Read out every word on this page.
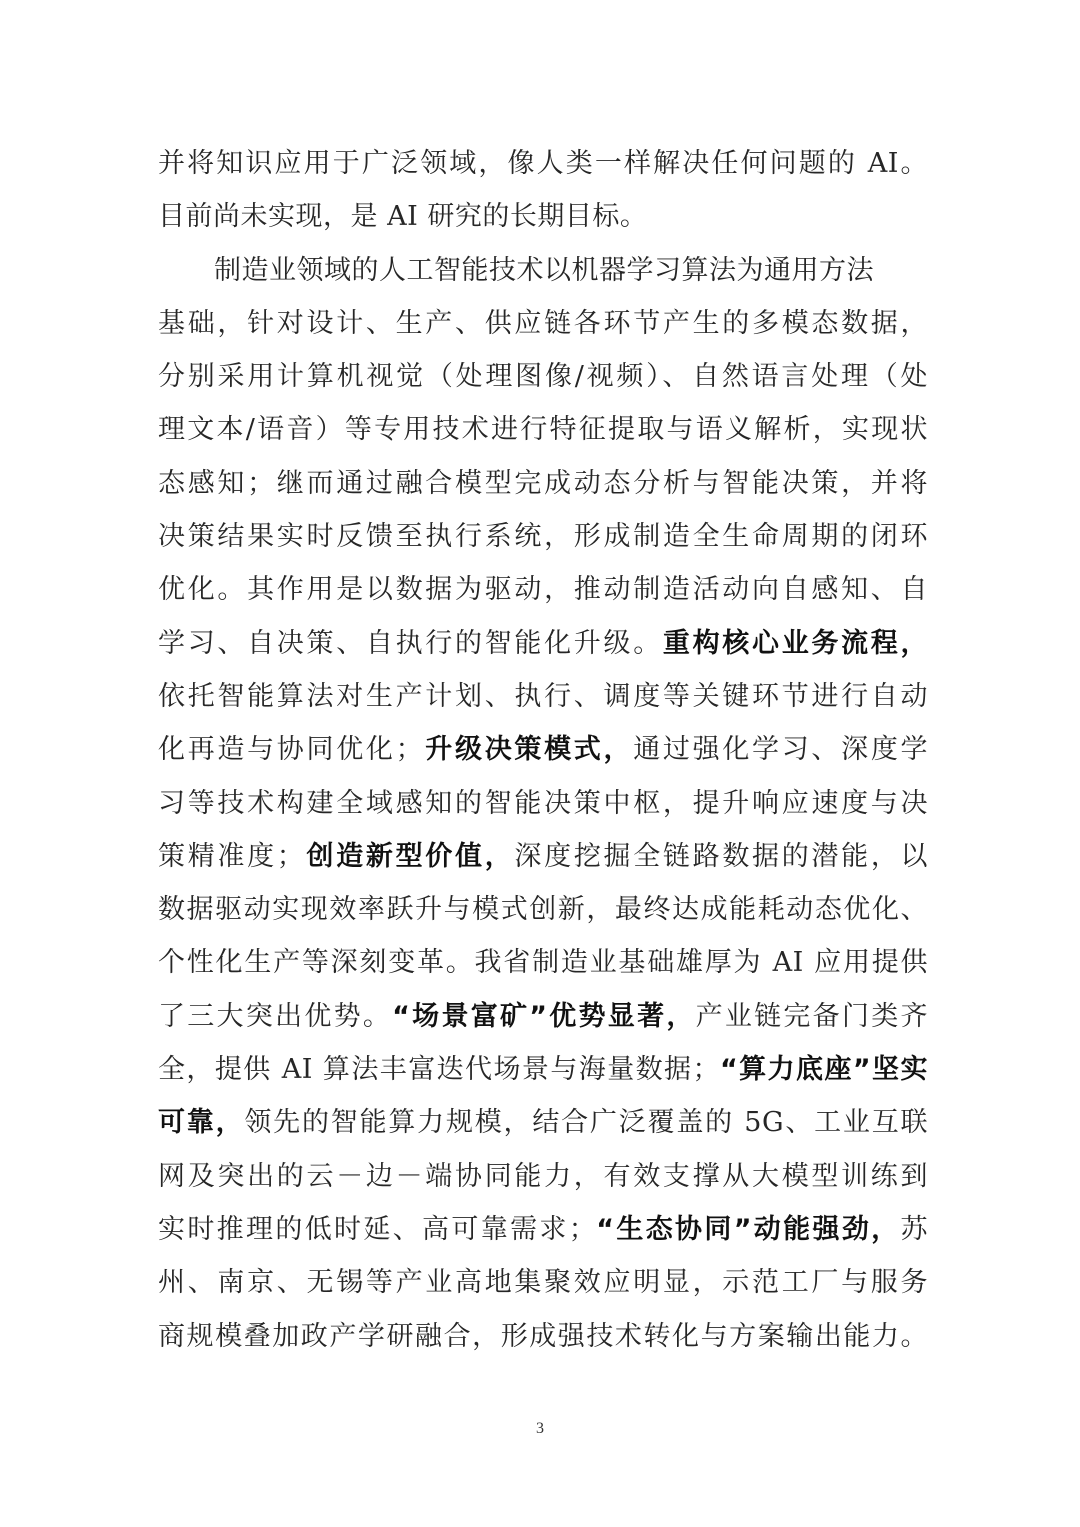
并将知识应用于广泛领域，像人类一样解决任何问题的 AI。
目前尚未实现，是 AI 研究的长期目标。
制造业领域的人工智能技术以机器学习算法为通用方法
基础，针对设计、生产、供应链各环节产生的多模态数据，
分别采用计算机视觉（处理图像/视频）、自然语言处理（处
理文本/语音）等专用技术进行特征提取与语义解析，实现状
态感知；继而通过融合模型完成动态分析与智能决策，并将
决策结果实时反馈至执行系统，形成制造全生命周期的闭环
优化。其作用是以数据为驱动，推动制造活动向自感知、自
学习、自决策、自执行的智能化升级。重构核心业务流程，
依托智能算法对生产计划、执行、调度等关键环节进行自动
化再造与协同优化；升级决策模式，通过强化学习、深度学
习等技术构建全域感知的智能决策中枢，提升响应速度与决
策精准度；创造新型价值，深度挖掘全链路数据的潜能，以
数据驱动实现效率跃升与模式创新，最终达成能耗动态优化、
个性化生产等深刻变革。我省制造业基础雄厚为 AI 应用提供
了三大突出优势。“场景富矿”优势显著，产业链完备门类齐
全，提供 AI 算法丰富迭代场景与海量数据；“算力底座”坚实
可靠，领先的智能算力规模，结合广泛覆盖的 5G、工业互联
网及突出的云－边－端协同能力，有效支撑从大模型训练到
实时推理的低时延、高可靠需求；“生态协同”动能强劲，苏
州、南京、无锡等产业高地集聚效应明显，示范工厂与服务
商规模叠加政产学研融合，形成强技术转化与方案输出能力。
3
